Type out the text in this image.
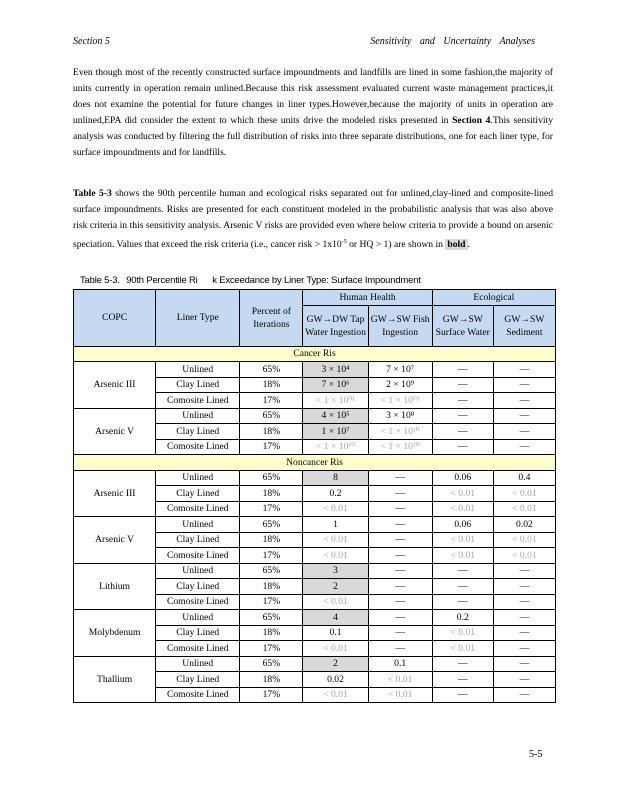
Section 5	Sensitivity and Uncertainty Analyses

Even though most of the recently constructed surface impoundments and landfills are lined in some fashion,the majority of units currently in operation remain unlined.Because this risk assessment evaluated current waste management practices,it does not examine the potential for future changes in liner types.However,because the majority of units in operation are unlined,EPA did consider the extent to which these units drive the modeled risks presented in Section 4.This sensitivity analysis was conducted by filtering the full distribution of risks into three separate distributions, one for each liner type, for surface impoundments and for landfills.

Table 5-3 shows the 90th percentile human and ecological risks separated out for unlined,clay-lined and composite-lined surface impoundments. Risks are presented for each constituent modeled in the probabilistic analysis that was also above risk criteria in this sensitivity analysis. Arsenic V risks are provided even where below criteria to provide a bound on arsenic speciation. Values that exceed the risk criteria (i.e., cancer risk > $1x10^{-5}$ or HQ > 1) are shown in bold .

Table 5-3. 90th Percentile Ri      k Exceedance by Liner Type: Surface Impoundment
COPC	Liner Type	Percent of Iterations	Human Health		Ecological	
			GW→DW Tap Water Ingestion	GW→SW Fish Ingestion	GW→SW Surface Water	GW→SW Sediment
Cancer Ris						
Arsenic III	Unlined	65%	3 × 10⁴	7 × 10⁷	—	—
	Clay Lined	18%	7 × 10⁶	2 × 10⁹	—	—
	Comosite Lined	17%	< 1 × 10⁰¹	< 1 × 10⁰¹	—	—
Arsenic V	Unlined	65%	4 × 10⁵	3 × 10⁸	—	—
	Clay Lined	18%	1 × 10⁷	< 1 × 10¹⁰	—	—
	Comosite Lined	17%	< 1 × 10¹⁰	< 1 × 10¹⁰	—	—
Noncancer Ris						
Arsenic III	Unlined	65%	8	—	0.06	0.4
	Clay Lined	18%	0.2	—	< 0.01	< 0.01
	Comosite Lined	17%	< 0.01	—	< 0.01	< 0.01
Arsenic V	Unlined	65%	1	—	0.06	0.02
	Clay Lined	18%	< 0.01	—	< 0.01	< 0.01
	Comosite Lined	17%	< 0.01	—	< 0.01	< 0.01
Lithium	Unlined	65%	3	—	—	—
	Clay Lined	18%	2	—	—	—
	Comosite Lined	17%	< 0.01	—	—	—
Molybdenum	Unlined	65%	4	—	0.2	—
	Clay Lined	18%	0.1	—	< 0.01	—
	Comosite Lined	17%	< 0.01	—	< 0.01	—
Thallium	Unlined	65%	2	0.1	—	—
	Clay Lined	18%	0.02	< 0.01	—	—
	Comosite Lined	17%	< 0.01	< 0.01	—	—
5-5
